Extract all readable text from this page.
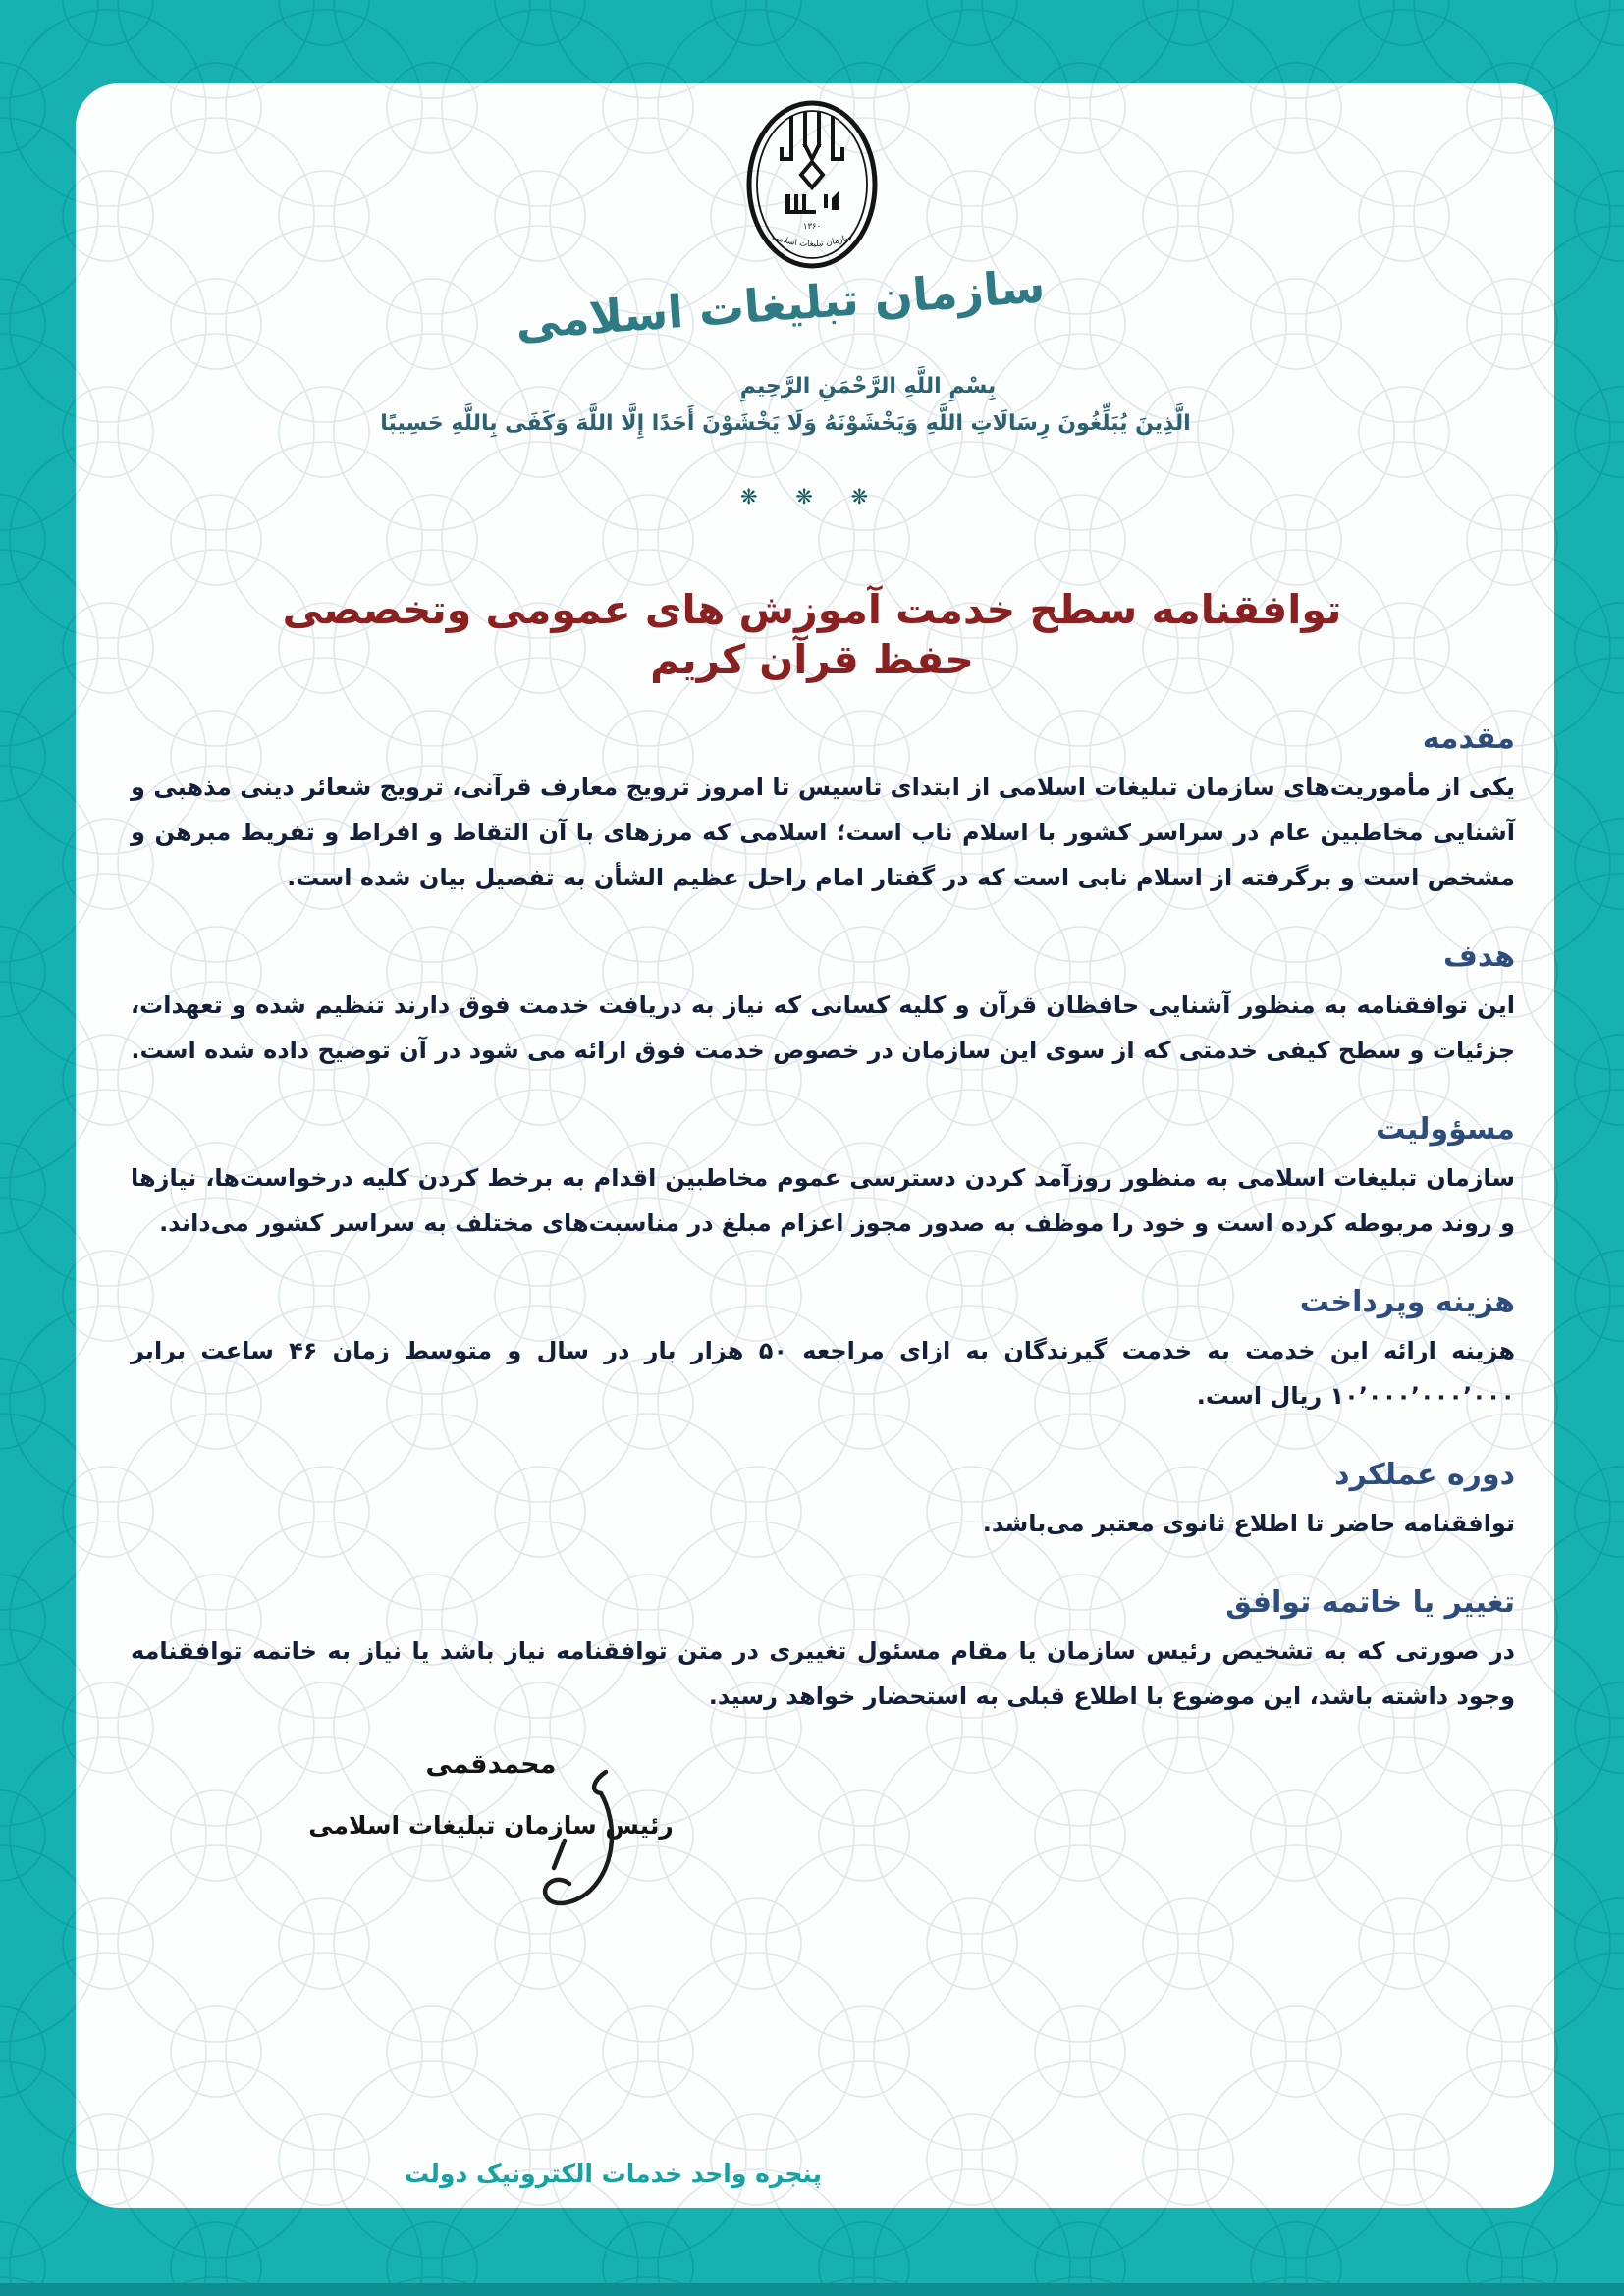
۱۳۶۰
سازمان تبلیغات اسلامی
سازمان تبلیغات اسلامی
بِسْمِ اللَّهِ الرَّحْمَنِ الرَّحِیمِ
الَّذِينَ يُبَلِّغُونَ رِسَالَاتِ اللَّهِ وَيَخْشَوْنَهُ وَلَا يَخْشَوْنَ أَحَدًا إِلَّا اللَّهَ وَكَفَى بِاللَّهِ حَسِيبًا
❋ ❋ ❋
توافقنامه سطح خدمت آموزش های عمومی وتخصصی حفظ قرآن کریم
مقدمه

یکی از مأموریت‌های سازمان تبلیغات اسلامی از ابتدای تاسیس تا امروز ترویج معارف قرآنی، ترویج شعائر دینی مذهبی و آشنایی مخاطبین عام در سراسر کشور با اسلام ناب است؛ اسلامی که مرزهای با آن التقاط و افراط و تفریط مبرهن و مشخص است و برگرفته از اسلام نابی است که در گفتار امام راحل عظیم الشأن به تفصیل بیان شده است.

هدف

این توافقنامه به منظور آشنایی حافظان قرآن و کلیه کسانی که نیاز به دریافت خدمت فوق دارند تنظیم شده و تعهدات، جزئیات و سطح کیفی خدمتی که از سوی این سازمان در خصوص خدمت فوق ارائه می شود در آن توضیح داده شده است.

مسؤولیت

سازمان تبلیغات اسلامی به منظور روزآمد کردن دسترسی عموم مخاطبین اقدام به برخط کردن کلیه درخواست‌ها، نیازها و روند مربوطه کرده است و خود را موظف به صدور مجوز اعزام مبلغ در مناسبت‌های مختلف به سراسر کشور می‌داند.

هزینه وپرداخت

هزینه ارائه این خدمت به خدمت گیرندگان به ازای مراجعه ۵۰ هزار بار در سال و متوسط زمان ۴۶ ساعت برابر ۱۰٬۰۰۰٬۰۰۰٬۰۰۰ ریال است.

دوره عملکرد

توافقنامه حاضر تا اطلاع ثانوی معتبر می‌باشد.

تغییر یا خاتمه توافق

در صورتی که به تشخیص رئیس سازمان یا مقام مسئول تغییری در متن توافقنامه نیاز باشد یا نیاز به خاتمه توافقنامه وجود داشته باشد، این موضوع با اطلاع قبلی به استحضار خواهد رسید.

محمدقمی
رئیس سازمان تبلیغات اسلامی
پنجره واحد خدمات الکترونیک دولت
